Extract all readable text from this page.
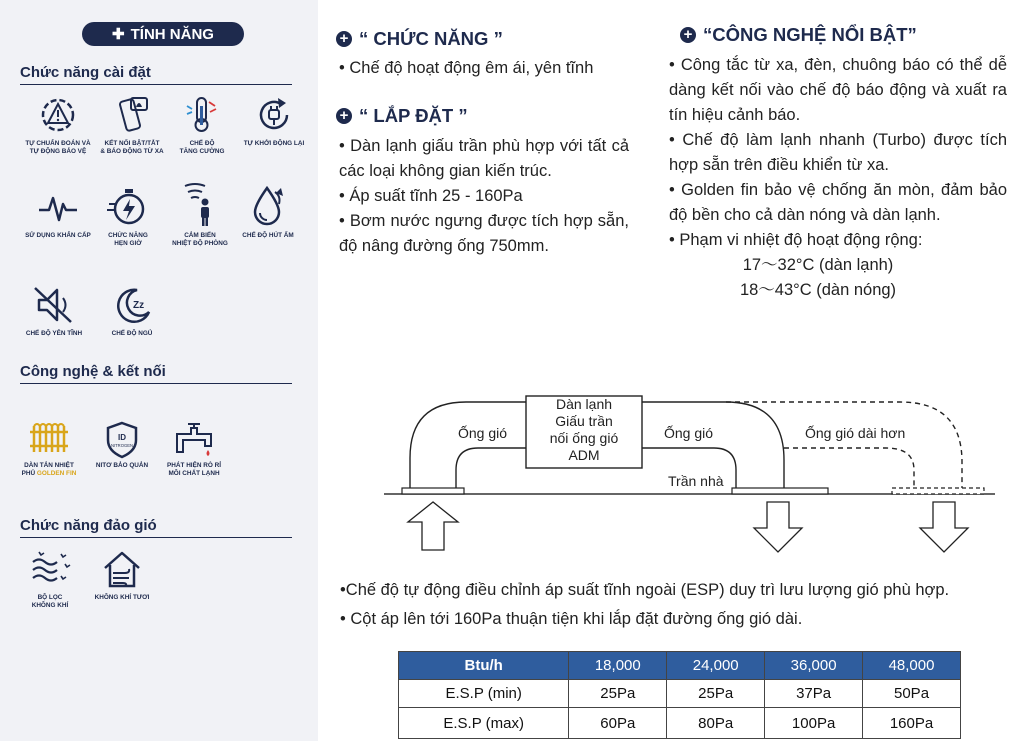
✚ TÍNH NĂNG
Chức năng cài đặt
TỰ CHUẨN ĐOÁN VÀ
TỰ ĐỘNG BẢO VỆ
KẾT NỐI BẬT/TẮT
& BÁO ĐỘNG TỪ XA
CHẾ ĐỘ
TĂNG CƯỜNG
TỰ KHỞI ĐỘNG LẠI
SỬ DỤNG KHẨN CẤP	CHỨC NĂNG
HẸN GIỜ
CẢM BIẾN
NHIỆT ĐỘ PHÒNG
CHẾ ĐỘ HÚT ẨM
CHẾ ĐỘ YÊN TĨNH
Zz
CHẾ ĐỘ NGỦ
Công nghệ & kết nối
DÀN TẢN NHIỆT
PHỦ GOLDEN FIN
ID
NITROGEN
NITƠ BẢO QUẢN	PHÁT HIỆN RÒ RỈ
MÔI CHẤT LẠNH
Chức năng đảo gió
BỘ LỌC
KHÔNG KHÍ
KHÔNG KHÍ TƯƠI
+ “ CHỨC NĂNG ”

• Chế độ hoạt động êm ái, yên tĩnh

+ “ LẮP ĐẶT ”

• Dàn lạnh giấu trần phù hợp với tất cả các loại không gian kiến trúc.

• Áp suất tĩnh 25 - 160Pa

• Bơm nước ngưng được tích hợp sẵn, độ nâng đường ống 750mm.

+ “CÔNG NGHỆ NỔI BẬT”

• Công tắc từ xa, đèn, chuông báo có thể dễ dàng kết nối vào chế độ báo động và xuất ra tín hiệu cảnh báo.

• Chế độ làm lạnh nhanh (Turbo) được tích hợp sẵn trên điều khiển từ xa.

• Golden fin bảo vệ chống ăn mòn, đảm bảo độ bền cho cả dàn nóng và dàn lạnh.

• Phạm vi nhiệt độ hoạt động rộng:

17～32°C (dàn lạnh)
18～43°C (dàn nóng)
Dàn lạnh
Giấu trần
nối ống gió
ADM
Ống gió	Ống gió	Ống gió dài hơn
Trần nhà

•Chế độ tự động điều chỉnh áp suất tĩnh ngoài (ESP) duy trì lưu lượng gió phù hợp.

• Cột áp lên tới 160Pa thuận tiện khi lắp đặt đường ống gió dài.

Btu/h	18,000	24,000	36,000	48,000
E.S.P (min)	25Pa	25Pa	37Pa	50Pa
E.S.P (max)	60Pa	80Pa	100Pa	160Pa
